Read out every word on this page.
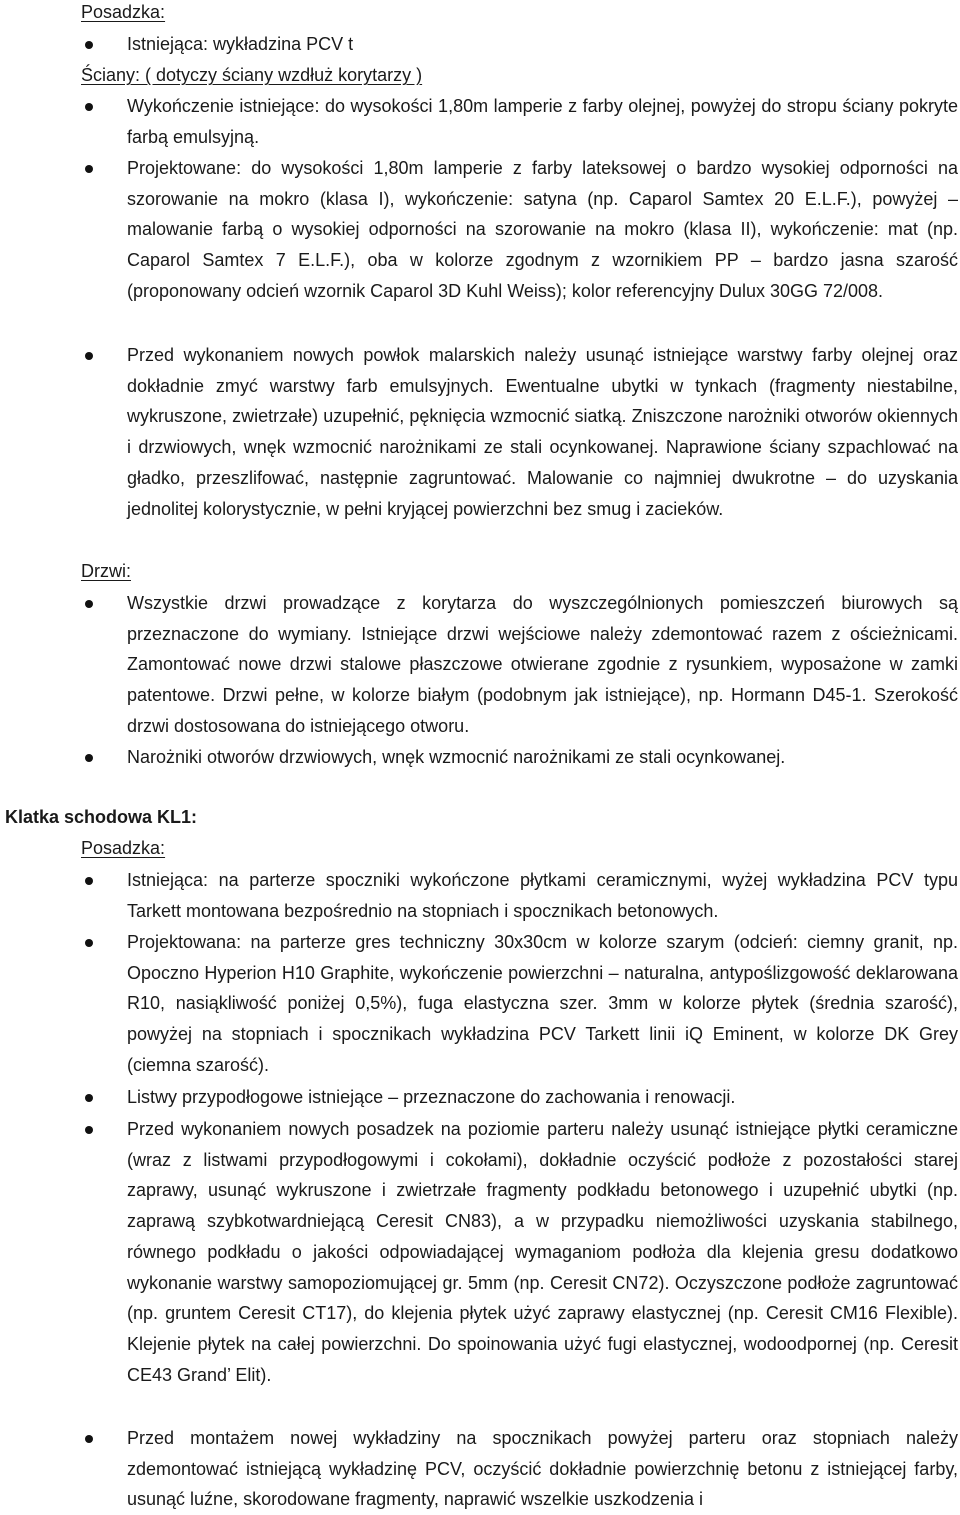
Posadzka:

Istniejąca: wykładzina PCV t

Ściany: ( dotyczy ściany wzdłuż korytarzy )

Wykończenie istniejące: do wysokości 1,80m lamperie z farby olejnej, powyżej do stropu ściany pokryte farbą emulsyjną.
Projektowane: do wysokości 1,80m lamperie z farby lateksowej o bardzo wysokiej odporności na szorowanie na mokro (klasa I), wykończenie: satyna (np. Caparol Samtex 20 E.L.F.), powyżej – malowanie farbą o wysokiej odporności na szorowanie na mokro (klasa II), wykończenie: mat (np. Caparol Samtex 7 E.L.F.), oba w kolorze zgodnym z wzornikiem PP – bardzo jasna szarość (proponowany odcień wzornik Caparol 3D Kuhl Weiss); kolor referencyjny Dulux 30GG 72/008.
Przed wykonaniem nowych powłok malarskich należy usunąć istniejące warstwy farby olejnej oraz dokładnie zmyć warstwy farb emulsyjnych. Ewentualne ubytki w tynkach (fragmenty niestabilne, wykruszone, zwietrzałe) uzupełnić, pęknięcia wzmocnić siatką. Zniszczone narożniki otworów okiennych i drzwiowych, wnęk wzmocnić narożnikami ze stali ocynkowanej. Naprawione ściany szpachlować na gładko, przeszlifować, następnie zagruntować. Malowanie co najmniej dwukrotne – do uzyskania jednolitej kolorystycznie, w pełni kryjącej powierzchni bez smug i zacieków.

Drzwi:

Wszystkie drzwi prowadzące z korytarza do wyszczególnionych pomieszczeń biurowych są przeznaczone do wymiany. Istniejące drzwi wejściowe należy zdemontować razem z ościeżnicami. Zamontować nowe drzwi stalowe płaszczowe otwierane zgodnie z rysunkiem, wyposażone w zamki patentowe. Drzwi pełne, w kolorze białym (podobnym jak istniejące), np. Hormann D45-1. Szerokość drzwi dostosowana do istniejącego otworu.
Narożniki otworów drzwiowych, wnęk wzmocnić narożnikami ze stali ocynkowanej.

Klatka schodowa KL1:

Posadzka:

Istniejąca: na parterze spoczniki wykończone płytkami ceramicznymi, wyżej wykładzina PCV typu Tarkett montowana bezpośrednio na stopniach i spocznikach betonowych.
Projektowana: na parterze gres techniczny 30x30cm w kolorze szarym (odcień: ciemny granit, np. Opoczno Hyperion H10 Graphite, wykończenie powierzchni – naturalna, antypoślizgowość deklarowana R10, nasiąkliwość poniżej 0,5%), fuga elastyczna szer. 3mm w kolorze płytek (średnia szarość), powyżej na stopniach i spocznikach wykładzina PCV Tarkett linii iQ Eminent, w kolorze DK Grey (ciemna szarość).
Listwy przypodłogowe istniejące – przeznaczone do zachowania i renowacji.
Przed wykonaniem nowych posadzek na poziomie parteru należy usunąć istniejące płytki ceramiczne (wraz z listwami przypodłogowymi i cokołami), dokładnie oczyścić podłoże z pozostałości starej zaprawy, usunąć wykruszone i zwietrzałe fragmenty podkładu betonowego i uzupełnić ubytki (np. zaprawą szybkotwardniejącą Ceresit CN83), a w przypadku niemożliwości uzyskania stabilnego, równego podkładu o jakości odpowiadającej wymaganiom podłoża dla klejenia gresu dodatkowo wykonanie warstwy samopoziomującej gr. 5mm (np. Ceresit CN72). Oczyszczone podłoże zagruntować (np. gruntem Ceresit CT17), do klejenia płytek użyć zaprawy elastycznej (np. Ceresit CM16 Flexible). Klejenie płytek na całej powierzchni. Do spoinowania użyć fugi elastycznej, wodoodpornej (np. Ceresit CE43 Grand’ Elit).
Przed montażem nowej wykładziny na spocznikach powyżej parteru oraz stopniach należy zdemontować istniejącą wykładzinę PCV, oczyścić dokładnie powierzchnię betonu z istniejącej farby, usunąć luźne, skorodowane fragmenty, naprawić wszelkie uszkodzenia i
